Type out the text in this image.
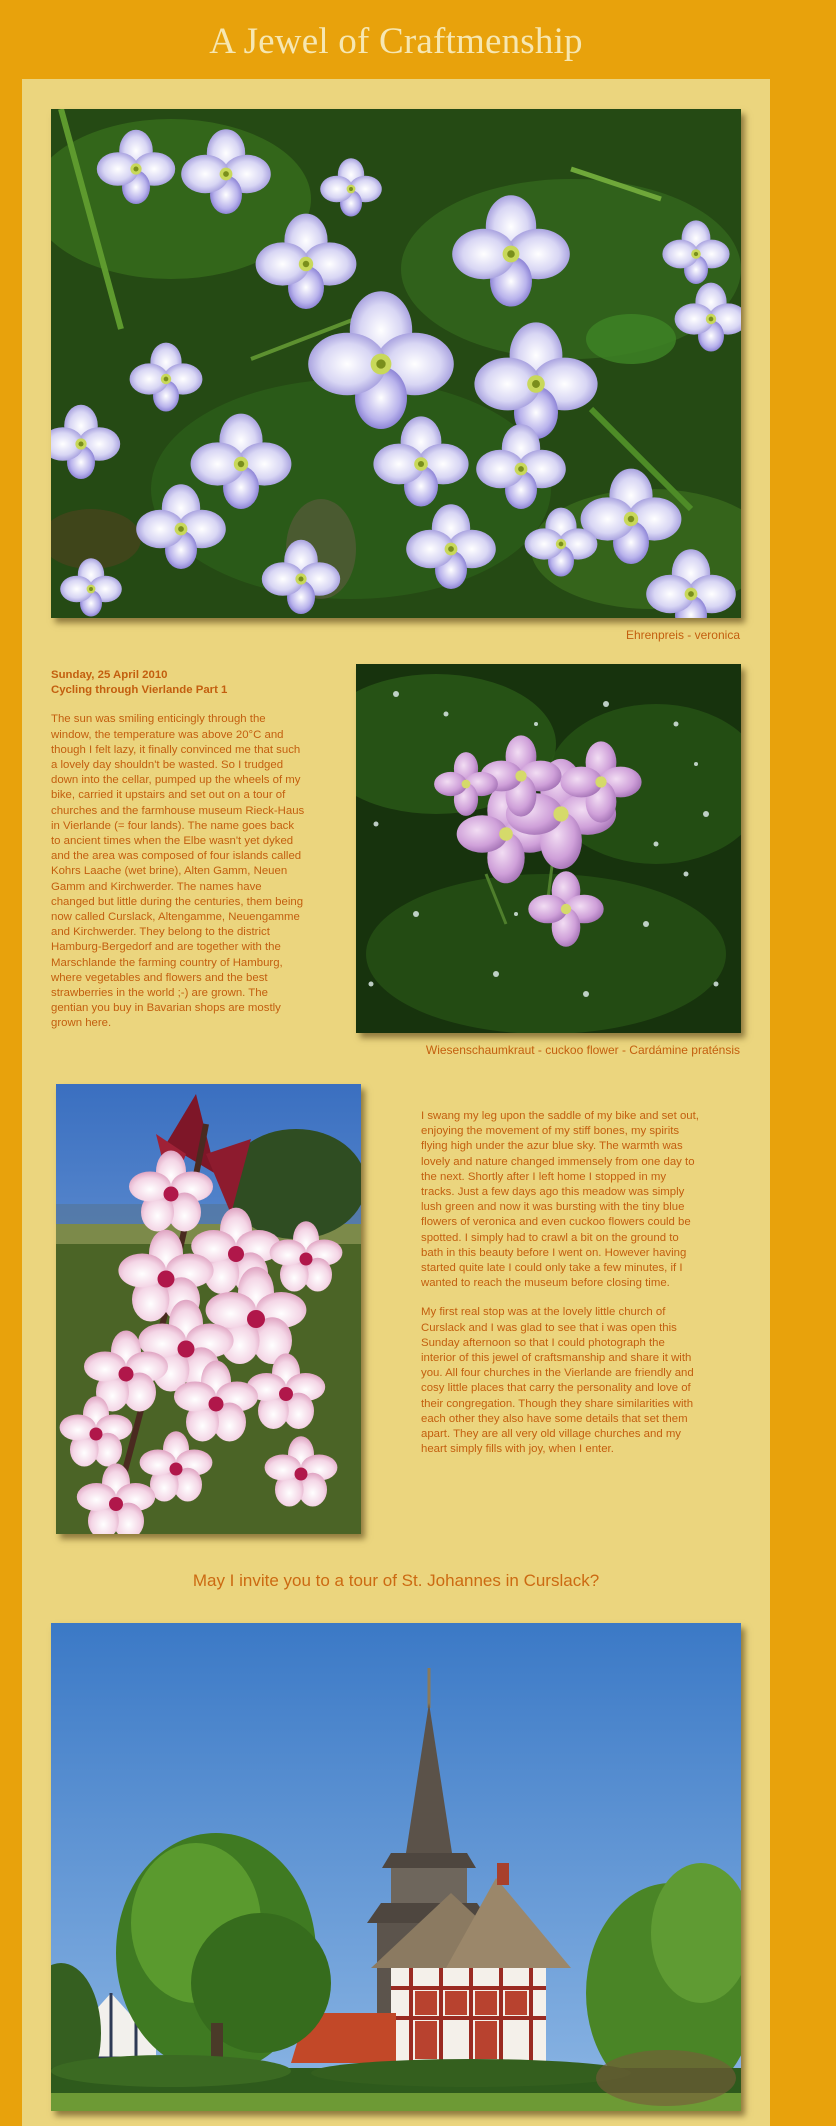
A Jewel of Craftmenship
Ehrenpreis - veronica
Sunday, 25 April 2010
Cycling through Vierlande Part 1

The sun was smiling enticingly through the window, the temperature was above 20°C and though I felt lazy, it finally convinced me that such a lovely day shouldn't be wasted. So I trudged down into the cellar, pumped up the wheels of my bike, carried it upstairs and set out on a tour of churches and the farmhouse museum Rieck-Haus in Vierlande (= four lands). The name goes back to ancient times when the Elbe wasn't yet dyked and the area was composed of four islands called Kohrs Laache (wet brine), Alten Gamm, Neuen Gamm and Kirchwerder. The names have changed but little during the centuries, them being now called Curslack, Altengamme, Neuengamme and Kirchwerder. They belong to the district Hamburg-Bergedorf and are together with the Marschlande the farming country of Hamburg, where vegetables and flowers and the best strawberries in the world ;-) are grown. The gentian you buy in Bavarian shops are mostly grown here.

Wiesenschaumkraut - cuckoo flower - Cardámine praténsis

I swang my leg upon the saddle of my bike and set out, enjoying the movement of my stiff bones, my spirits flying high under the azur blue sky. The warmth was lovely and nature changed immensely from one day to the next. Shortly after I left home I stopped in my tracks. Just a few days ago this meadow was simply lush green and now it was bursting with the tiny blue flowers of veronica and even cuckoo flowers could be spotted. I simply had to crawl a bit on the ground to bath in this beauty before I went on. However having started quite late I could only take a few minutes, if I wanted to reach the museum before closing time.

My first real stop was at the lovely little church of Curslack and I was glad to see that i was open this Sunday afternoon so that I could photograph the interior of this jewel of craftsmanship and share it with you. All four churches in the Vierlande are friendly and cosy little places that carry the personality and love of their congregation. Though they share similarities with each other they also have some details that set them apart. They are all very old village churches and my heart simply fills with joy, when I enter.

May I invite you to a tour of St. Johannes in Curslack?
